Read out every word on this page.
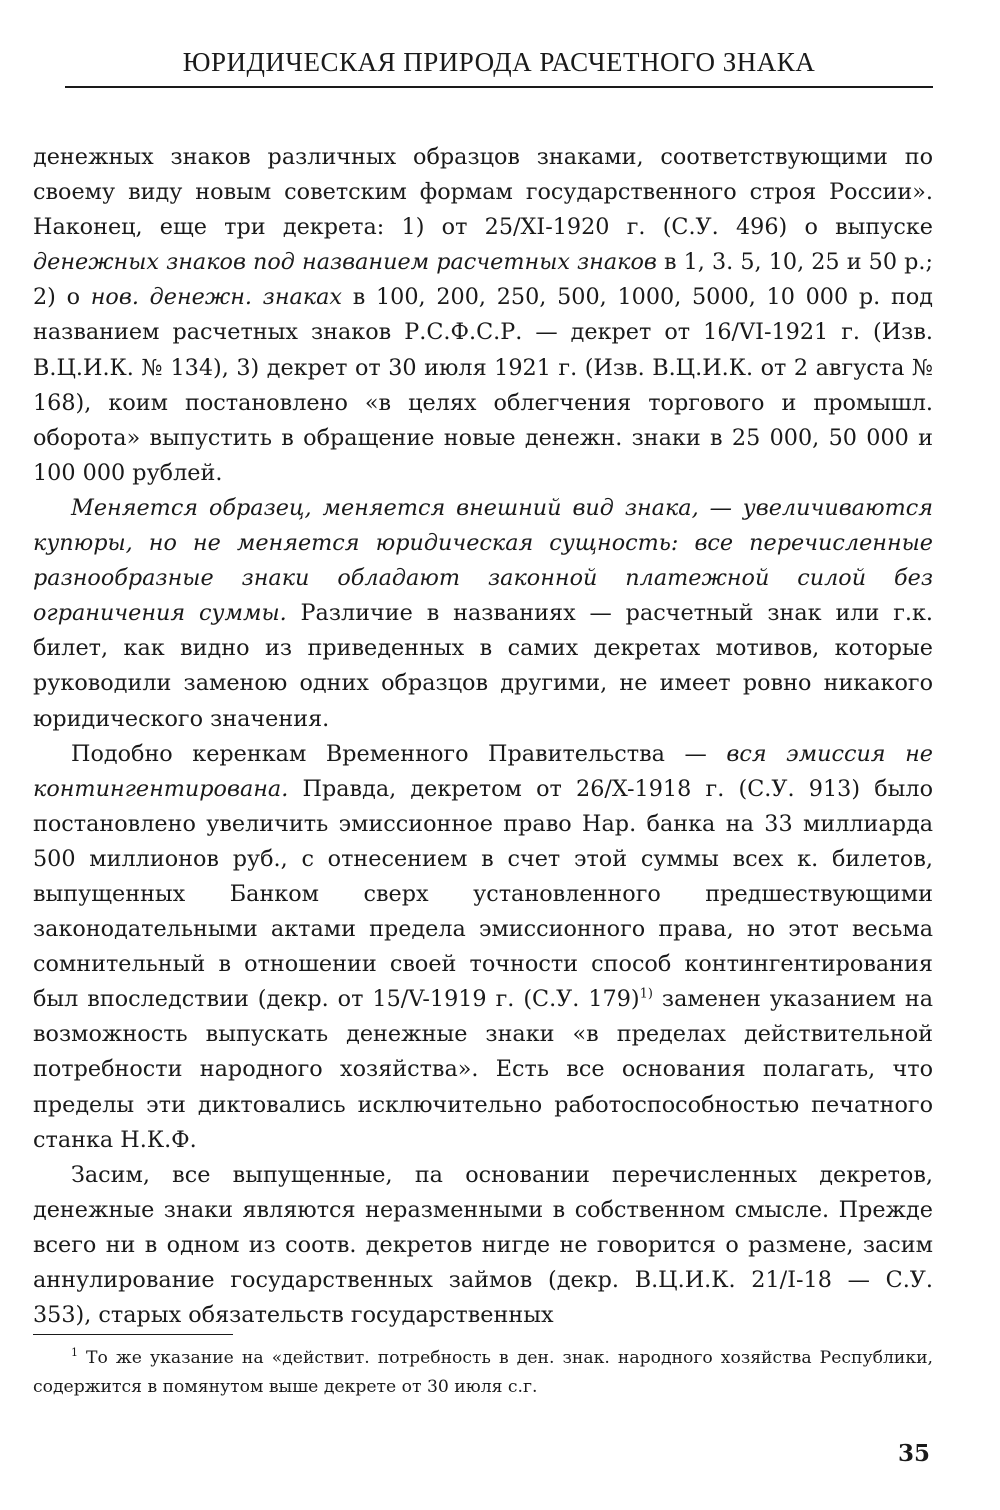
ЮРИДИЧЕСКАЯ ПРИРОДА РАСЧЕТНОГО ЗНАКА

денежных знаков различных образцов знаками, соответствующими по своему виду новым советским формам государственного строя России». Наконец, еще три декрета: 1) от 25/XI-1920 г. (С.У. 496) о выпуске денежных знаков под названием расчетных знаков в 1, 3. 5, 10, 25 и 50 р.; 2) о нов. денежн. знаках в 100, 200, 250, 500, 1000, 5000, 10 000 р. под названием расчетных знаков Р.С.Ф.С.Р. — декрет от 16/VI-1921 г. (Изв. В.Ц.И.К. № 134), 3) декрет от 30 июля 1921 г. (Изв. В.Ц.И.К. от 2 августа № 168), коим постановлено «в целях облегчения торгового и промышл. оборота» выпустить в обращение новые денежн. знаки в 25 000, 50 000 и 100 000 рублей.

Меняется образец, меняется внешний вид знака, — увеличиваются купюры, но не меняется юридическая сущность: все перечисленные разнообразные знаки обладают законной платежной силой без ограничения суммы. Различие в названиях — расчетный знак или г.к. билет, как видно из приведенных в самих декретах мотивов, которые руководили заменою одних образцов другими, не имеет ровно никакого юридического значения.

Подобно керенкам Временного Правительства — вся эмиссия не контингентирована. Правда, декретом от 26/X-1918 г. (С.У. 913) было постановлено увеличить эмиссионное право Нар. банка на 33 миллиарда 500 миллионов руб., с отнесением в счет этой суммы всех к. билетов, выпущенных Банком сверх установленного предшествующими законодательными актами предела эмиссионного права, но этот весьма сомнительный в отношении своей точности способ контингентирования был впоследствии (декр. от 15/V-1919 г. (С.У. 179)$^{1)}$ заменен указанием на возможность выпускать денежные знаки «в пределах действительной потребности народного хозяйства». Есть все основания полагать, что пределы эти диктовались исключительно работоспособностью печатного станка Н.К.Ф.

Засим, все выпущенные, па основании перечисленных декретов, денежные знаки являются неразменными в собственном смысле. Прежде всего ни в одном из соотв. декретов нигде не говорится о размене, засим аннулирование государственных займов (декр. В.Ц.И.К. 21/I-18 — С.У. 353), старых обязательств государственных

$^1$ То же указание на «действит. потребность в ден. знак. народного хозяйства Республики, содержится в помянутом выше декрете от 30 июля с.г.
35
